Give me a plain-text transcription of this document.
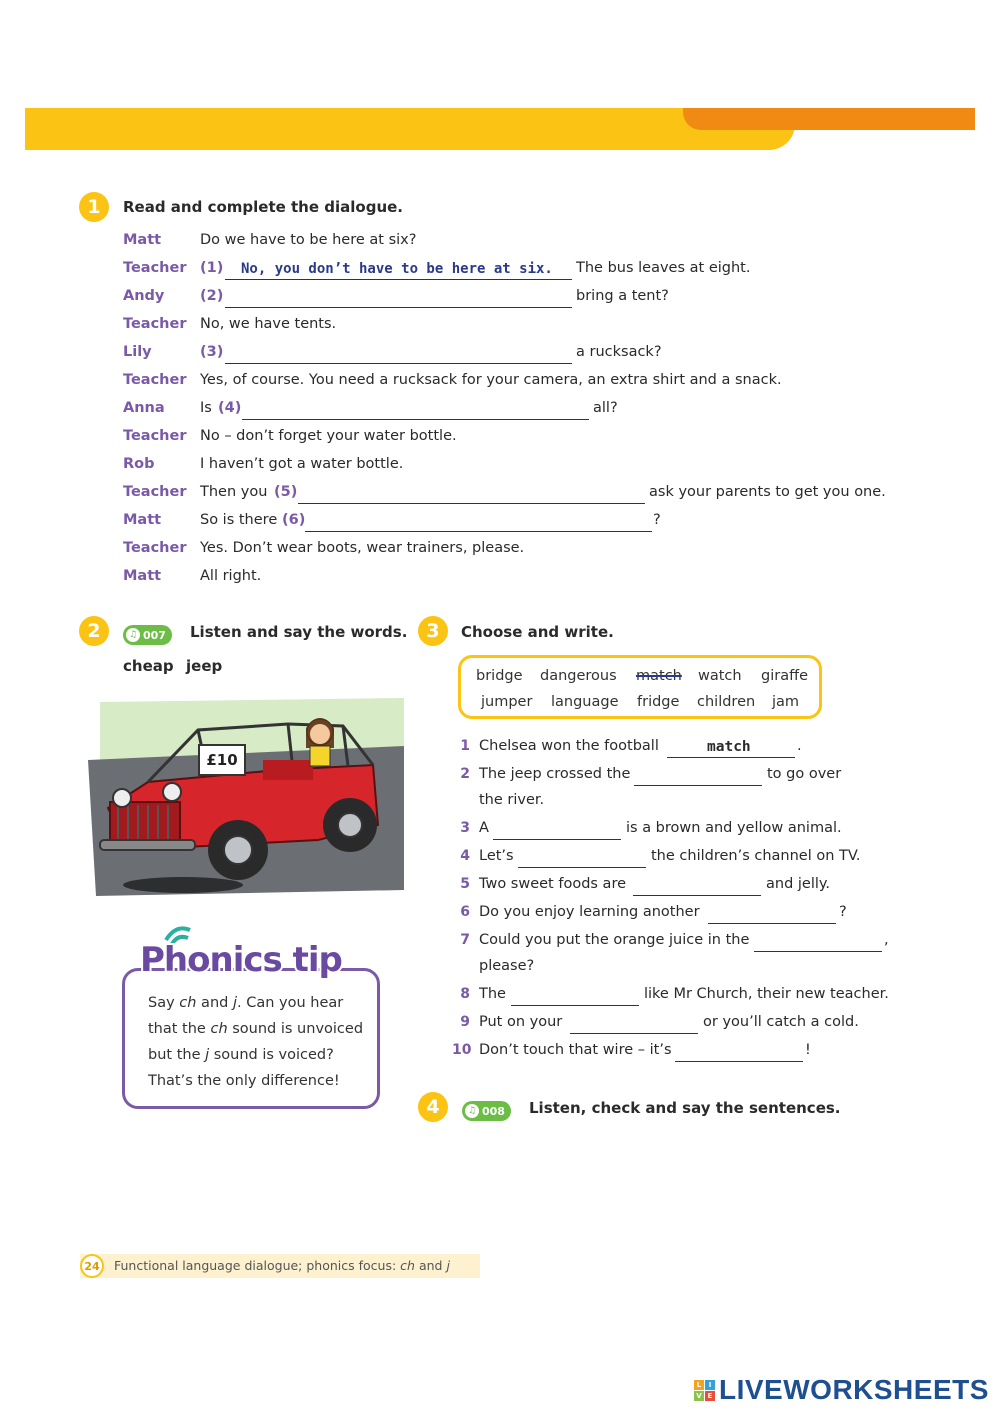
1	Read and complete the dialogue.
Matt	Do we have to be here at six?
Teacher (1) No, you don’t have to be here at six. The bus leaves at eight.
Andy (2)	bring a tent?
Teacher No, we have tents.
Lily	(3)	a rucksack?
Teacher Yes, of course. You need a rucksack for your camera, an extra shirt and a snack.
Anna Is (4)	all?
Teacher No – don’t forget your water bottle.
Rob	I haven’t got a water bottle.
Teacher Then you (5)	ask your parents to get you one.
Matt	So is there (6)	?
Teacher Yes. Don’t wear boots, wear trainers, please.
Matt	All right.
2	♫ 007 Listen and say the words.
cheap jeep
£10
Phonics tip
Say ch and j. Can you hear
that the ch sound is unvoiced
but the j sound is voiced?
That’s the only difference!
3	Choose and write.
bridge dangerous match watch giraffe
jumper language fridge children jam
1 Chelsea won the football	match	.
2 The jeep crossed the	to go over
the river.
3 A	is a brown and yellow animal.
4 Let’s	the children’s channel on TV.
5 Two sweet foods are	and jelly.
6 Do you enjoy learning another	?
7 Could you put the orange juice in the	,
please?
8 The	like Mr Church, their new teacher.
9 Put on your	or you’ll catch a cold.
10 Don’t touch that wire – it’s	!
4	♫ 008 Listen, check and say the sentences.
24	Functional language dialogue; phonics focus: ch and j
L	I
V E LIVEWORKSHEETS
